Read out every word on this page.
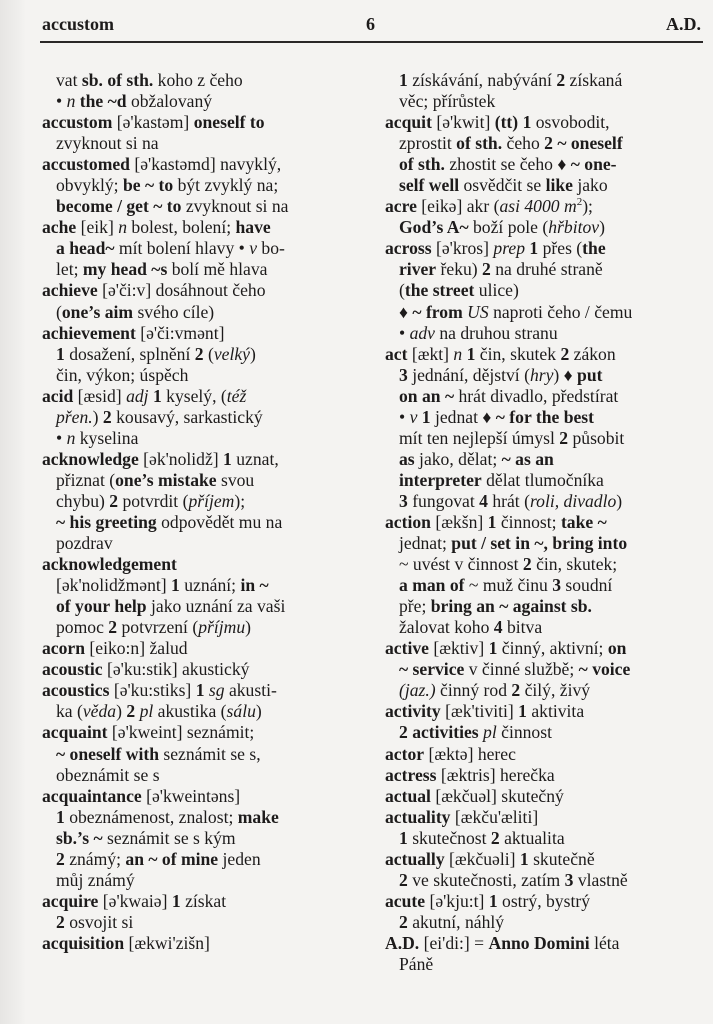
accustom	6	A.D.
vat sb. of sth. koho z čeho
• n the ~d obžalovaný
accustom [ə'kastəm] oneself to
zvyknout si na
accustomed [ə'kastəmd] navyklý,
obvyklý; be ~ to být zvyklý na;
become / get ~ to zvyknout si na
ache [eik] n bolest, bolení; have
a head~ mít bolení hlavy • v bo-
let; my head ~s bolí mě hlava
achieve [ə'či:v] dosáhnout čeho
(one’s aim svého cíle)
achievement [ə'či:vmənt]
1 dosažení, splnění 2 (velký)
čin, výkon; úspěch
acid [æsid] adj 1 kyselý, (též
přen.) 2 kousavý, sarkastický
• n kyselina
acknowledge [ək'nolidž] 1 uznat,
přiznat (one’s mistake svou
chybu) 2 potvrdit (příjem);
~ his greeting odpovědět mu na
pozdrav
acknowledgement
[ək'nolidžmənt] 1 uznání; in ~
of your help jako uznání za vaši
pomoc 2 potvrzení (příjmu)
acorn [eiko:n] žalud
acoustic [ə'ku:stik] akustický
acoustics [ə'ku:stiks] 1 sg akusti-
ka (věda) 2 pl akustika (sálu)
acquaint [ə'kweint] seznámit;
~ oneself with seznámit se s,
obeznámit se s
acquaintance [ə'kweintəns]
1 obeznámenost, znalost; make
sb.’s ~ seznámit se s kým
2 známý; an ~ of mine jeden
můj známý
acquire [ə'kwaiə] 1 získat
2 osvojit si
acquisition [ækwi'zišn]
1 získávání, nabývání 2 získaná
věc; přírůstek
acquit [ə'kwit] (tt) 1 osvobodit,
zprostit of sth. čeho 2 ~ oneself
of sth. zhostit se čeho ♦ ~ one-
self well osvědčit se like jako
acre [eikə] akr (asi 4000 $m^2$);
God’s A~ boží pole (hřbitov)
across [ə'kros] prep 1 přes (the
river řeku) 2 na druhé straně
(the street ulice)
♦ ~ from US naproti čeho / čemu
• adv na druhou stranu
act [ækt] n 1 čin, skutek 2 zákon
3 jednání, dějství (hry) ♦ put
on an ~ hrát divadlo, předstírat
• v 1 jednat ♦ ~ for the best
mít ten nejlepší úmysl 2 působit
as jako, dělat; ~ as an
interpreter dělat tlumočníka
3 fungovat 4 hrát (roli, divadlo)
action [ækšn] 1 činnost; take ~
jednat; put / set in ~, bring into
~ uvést v činnost 2 čin, skutek;
a man of ~ muž činu 3 soudní
pře; bring an ~ against sb.
žalovat koho 4 bitva
active [æktiv] 1 činný, aktivní; on
~ service v činné službě; ~ voice
(jaz.) činný rod 2 čilý, živý
activity [æk'tiviti] 1 aktivita
2 activities pl činnost
actor [æktə] herec
actress [æktris] herečka
actual [ækčuəl] skutečný
actuality [ækču'æliti]
1 skutečnost 2 aktualita
actually [ækčuəli] 1 skutečně
2 ve skutečnosti, zatím 3 vlastně
acute [ə'kju:t] 1 ostrý, bystrý
2 akutní, náhlý
A.D. [ei'di:] = Anno Domini léta
Páně
